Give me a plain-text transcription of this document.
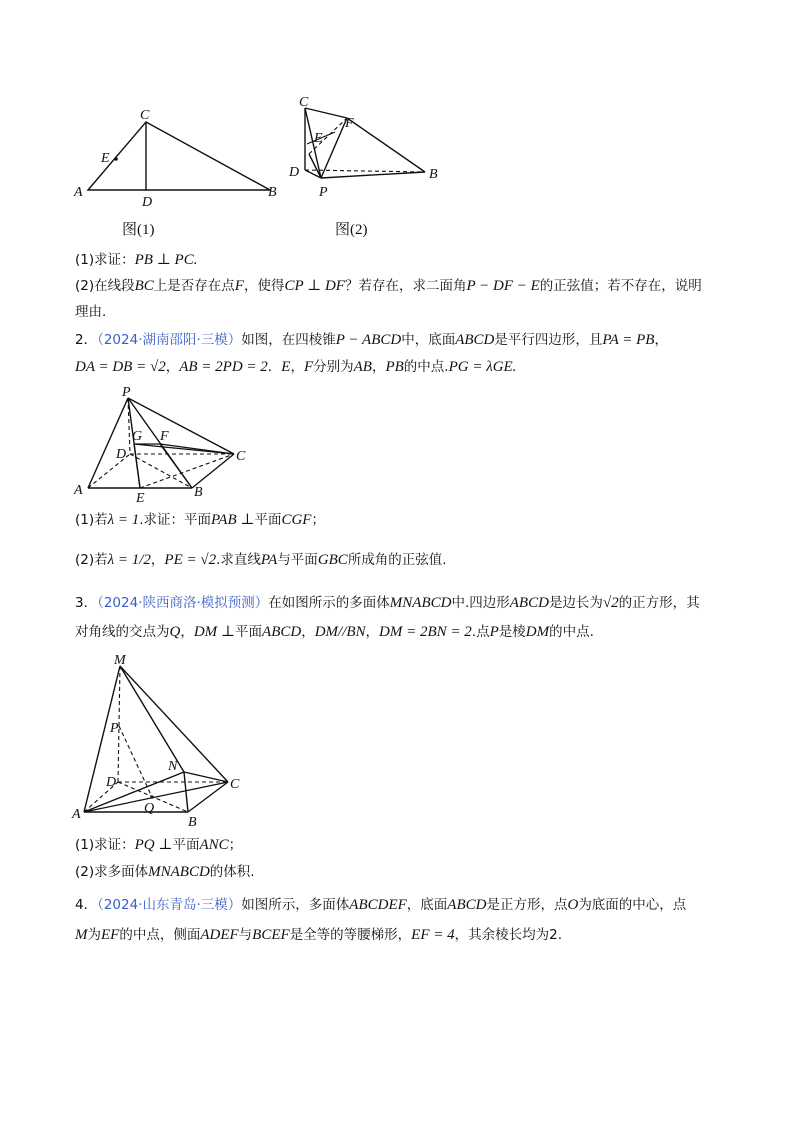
C
E
A
D
B
图(1)
C
F
E
D	B
P
图(2)
(1)求证：PB ⊥ PC.
(2)在线段BC上是否存在点F，使得CP ⊥ DF？若存在，求二面角P − DF − E的正弦值；若不存在，说明
理由.
2．（2024·湖南邵阳·三模）如图，在四棱锥P − ABCD中，底面ABCD是平行四边形，且PA = PB，
DA = DB = √2，AB = 2PD = 2．E，F分别为AB，PB的中点.PG = λGE.
P
G F
D	C
A
E	B
(1)若λ = 1.求证：平面PAB ⊥平面CGF；
(2)若λ = 1/2，PE = √2.求直线PA与平面GBC所成角的正弦值.
3．（2024·陕西商洛·模拟预测）在如图所示的多面体MNABCD中.四边形ABCD是边长为√2的正方形，其
对角线的交点为Q，DM ⊥平面ABCD，DM//BN，DM = 2BN = 2.点P是棱DM的中点.
M
P
N
D	C
Q
A
B
(1)求证：PQ ⊥平面ANC；
(2)求多面体MNABCD的体积.
4．（2024·山东青岛·三模）如图所示，多面体ABCDEF，底面ABCD是正方形，点O为底面的中心，点
M为EF的中点，侧面ADEF与BCEF是全等的等腰梯形，EF = 4，其余棱长均为2.
